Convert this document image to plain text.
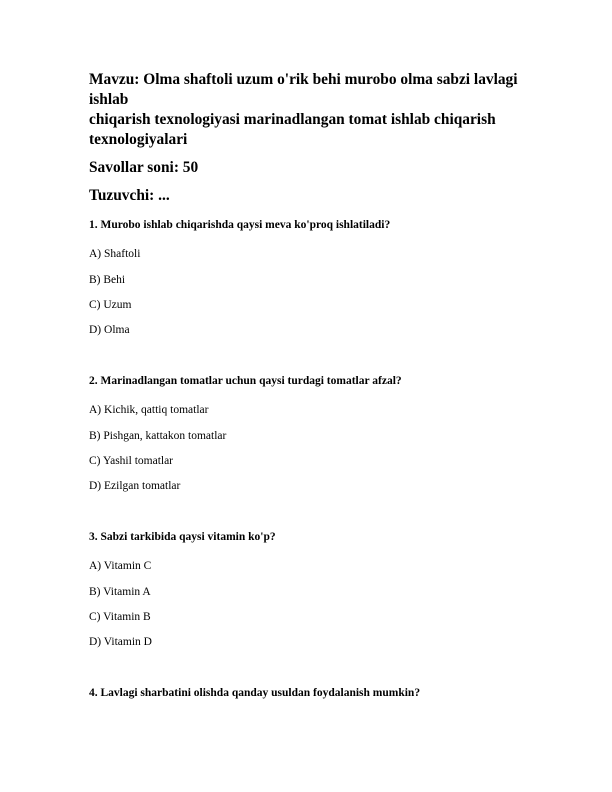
Mavzu: Olma shaftoli uzum o'rik behi murobo olma sabzi lavlagi ishlab

chiqarish texnologiyasi marinadlangan tomat ishlab chiqarish

texnologiyalari

Savollar soni: 50

Tuzuvchi: ...

1. Murobo ishlab chiqarishda qaysi meva ko'proq ishlatiladi?

A) Shaftoli

B) Behi

C) Uzum

D) Olma

2. Marinadlangan tomatlar uchun qaysi turdagi tomatlar afzal?

A) Kichik, qattiq tomatlar

B) Pishgan, kattakon tomatlar

C) Yashil tomatlar

D) Ezilgan tomatlar

3. Sabzi tarkibida qaysi vitamin ko'p?

A) Vitamin C

B) Vitamin A

C) Vitamin B

D) Vitamin D

4. Lavlagi sharbatini olishda qanday usuldan foydalanish mumkin?
